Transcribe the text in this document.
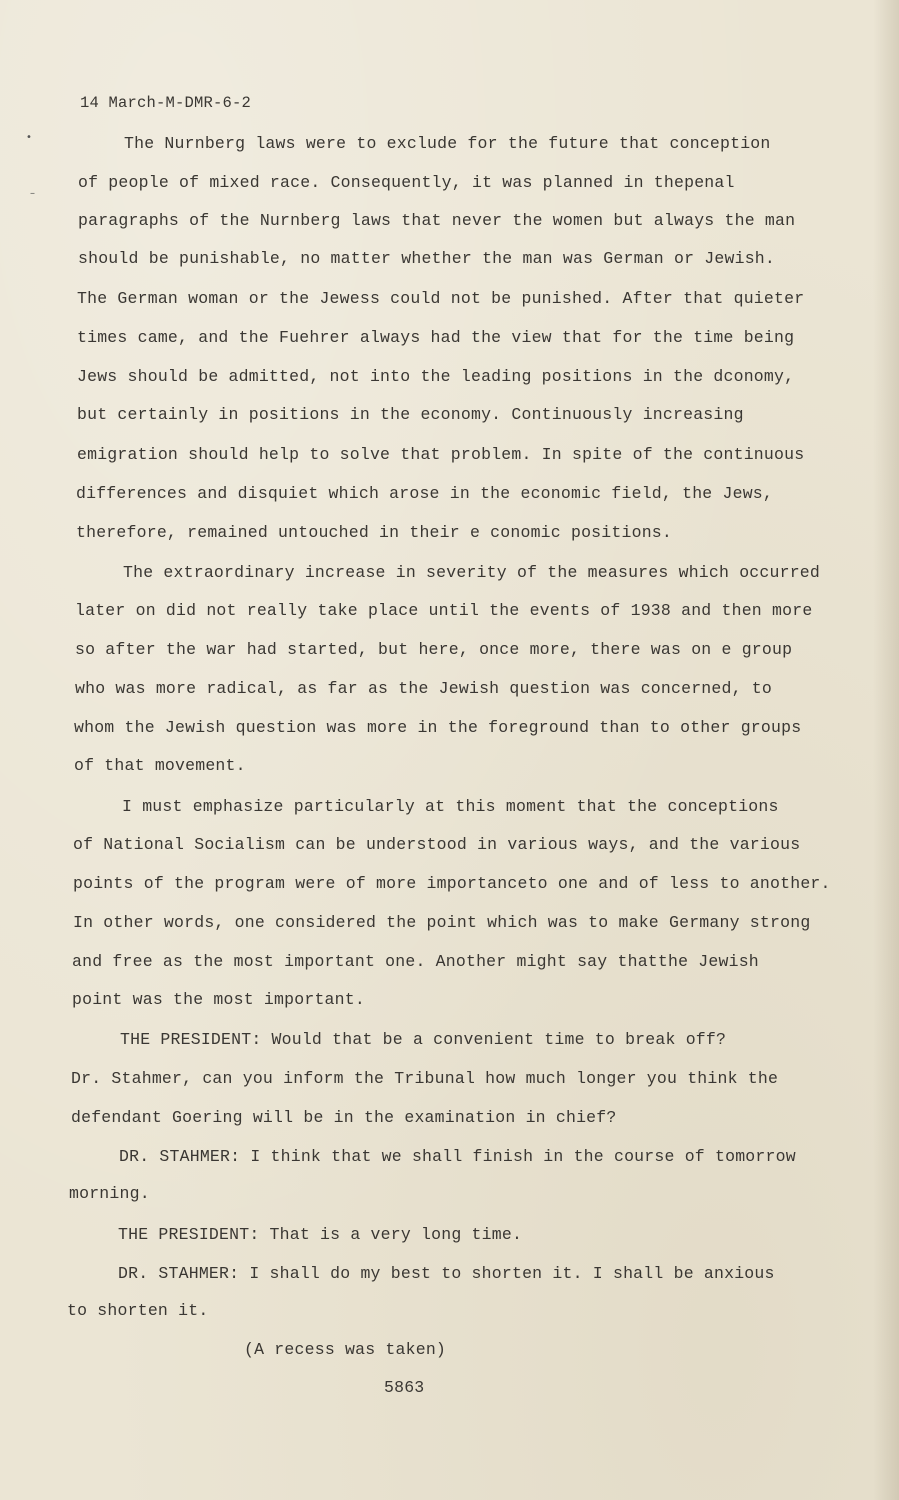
14 March-M-DMR-6-2
The Nurnberg laws were to exclude for the future that conception
of people of mixed race. Consequently, it was planned in thepenal
paragraphs of the Nurnberg laws that never the women but always the man
should be punishable, no matter whether the man was German or Jewish.
The German woman or the Jewess could not be punished. After that quieter
times came, and the Fuehrer always had the view that for the time being
Jews should be admitted, not into the leading positions in the dconomy,
but certainly in positions in the economy. Continuously increasing
emigration should help to solve that problem. In spite of the continuous
differences and disquiet which arose in the economic field, the Jews,
therefore, remained untouched in their e conomic positions.
The extraordinary increase in severity of the measures which occurred
later on did not really take place until the events of 1938 and then more
so after the war had started, but here, once more, there was on e group
who was more radical, as far as the Jewish question was concerned, to
whom the Jewish question was more in the foreground than to other groups
of that movement.
I must emphasize particularly at this moment that the conceptions
of National Socialism can be understood in various ways, and the various
points of the program were of more importanceto one and of less to another.
In other words, one considered the point which was to make Germany strong
and free as the most important one. Another might say thatthe Jewish
point was the most important.
THE PRESIDENT: Would that be a convenient time to break off?
Dr. Stahmer, can you inform the Tribunal how much longer you think the
defendant Goering will be in the examination in chief?
DR. STAHMER: I think that we shall finish in the course of tomorrow
morning.
THE PRESIDENT: That is a very long time.
DR. STAHMER: I shall do my best to shorten it. I shall be anxious
to shorten it.
(A recess was taken)
5863
•
–
